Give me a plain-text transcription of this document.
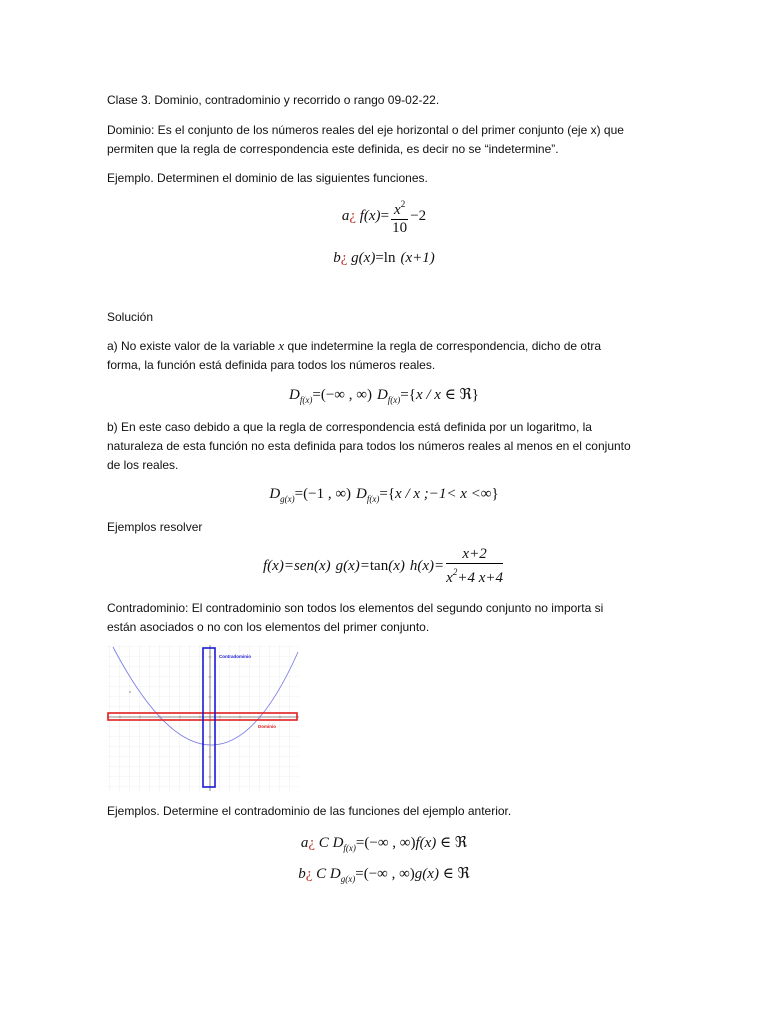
Clase 3. Dominio, contradominio y recorrido o rango 09-02-22.
Dominio: Es el conjunto de los números reales del eje horizontal o del primer conjunto (eje x) que
permiten que la regla de correspondencia este definida, es decir no se “indetermine”.
Ejemplo. Determinen el dominio de las siguientes funciones.
a¿ $f(x)= \frac{x^2}{10} -2$
b¿ g(x)=ln (x+1)
Solución
a) No existe valor de la variable x que indetermine la regla de correspondencia, dicho de otra
forma, la función está definida para todos los números reales.
$D_{f(x)}=(-\infty$ , ∞) $D_{f(x)}=\{x / x$ ∈ ℜ}
b) En este caso debido a que la regla de correspondencia está definida por un logaritmo, la
naturaleza de esta función no esta definida para todos los números reales al menos en el conjunto
de los reales.
$D_{g(x)}=(-1$ , ∞) $D_{f(x)}=\{x / x$ ;−1< x <∞}
Ejemplos resolver
f(x)=sen(x) g(x)=tan(x) $h(x)= \frac{x+2}{x^2+4 x+4}$
Contradominio: El contradominio son todos los elementos del segundo conjunto no importa si
están asociados o no con los elementos del primer conjunto.
Contradominio
Dominio
Ejemplos. Determine el contradominio de las funciones del ejemplo anterior.
a¿ C $D_{f(x)}=(-\infty$ , ∞)f(x) ∈ ℜ
b¿ C $D_{g(x)}=(-\infty$ , ∞)g(x) ∈ ℜ
